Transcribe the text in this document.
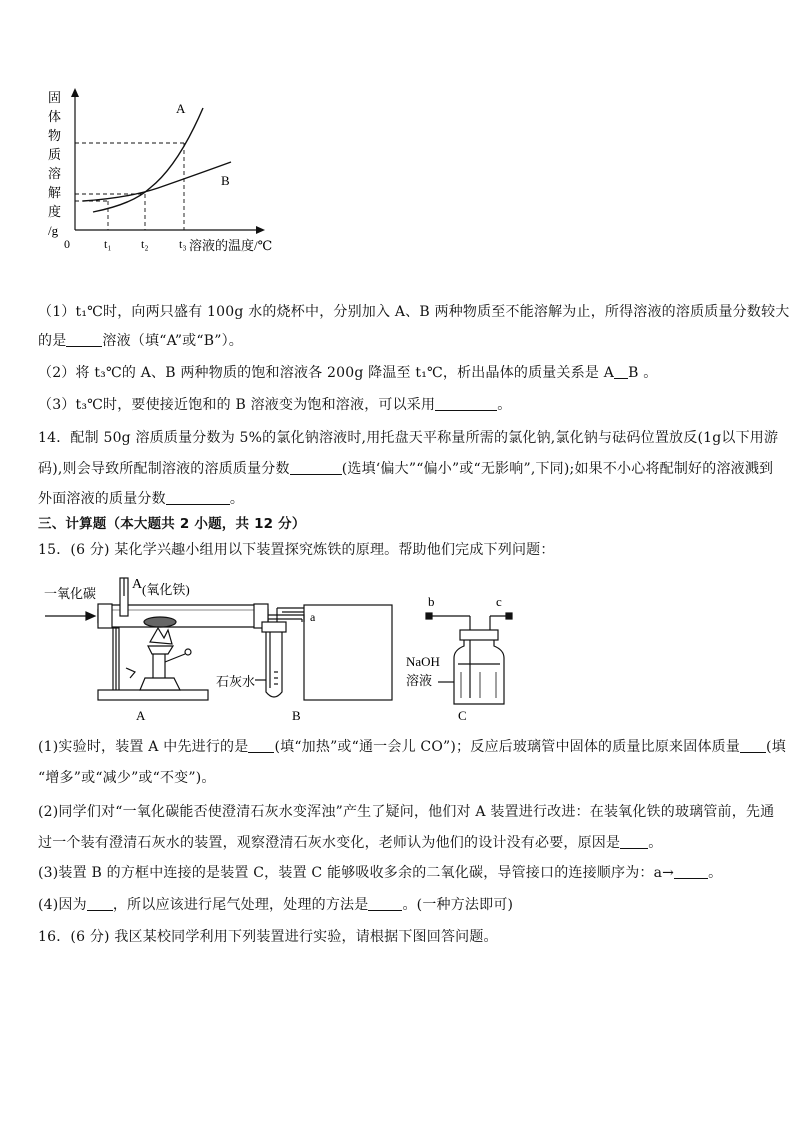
固
体
物
质
溶
解
度
/g
A
B
0	t₁ t₂	t₃ 溶液的温度/℃
（1）t₁℃时，向两只盛有 100g 水的烧杯中，分别加入 A、B 两种物质至不能溶解为止，所得溶液的溶质质量分数较大
的是	溶液（填“A”或“B”）。
（2）将 t₃℃的 A、B 两种物质的饱和溶液各 200g 降温至 t₁℃，析出晶体的质量关系是 A B 。
（3）t₃℃时，要使接近饱和的 B 溶液变为饱和溶液，可以采用	。
14．配制 50g 溶质质量分数为 5%的氯化钠溶液时,用托盘天平称量所需的氯化钠,氯化钠与砝码位置放反(1g以下用游
码),则会导致所配制溶液的溶质质量分数	(选填‘偏大”“偏小”或“无影响”,下同);如果不小心将配制好的溶液溅到
外面溶液的质量分数	。
三、计算题（本大题共 2 小题，共 12 分）
15．(6 分) 某化学兴趣小组用以下装置探究炼铁的原理。帮助他们完成下列问题：
一氧化碳
A (氧化铁)
A
石灰水
B
a
b	c
NaOH
溶液
C
(1)实验时，装置 A 中先进行的是 (填“加热”或“通一会儿 CO”)；反应后玻璃管中固体的质量比原来固体质量 (填
“增多”或“减少”或“不变”)。
(2)同学们对“一氧化碳能否使澄清石灰水变浑浊”产生了疑问，他们对 A 装置进行改进：在装氧化铁的玻璃管前，先通
过一个装有澄清石灰水的装置，观察澄清石灰水变化，老师认为他们的设计没有必要，原因是 。
(3)装置 B 的方框中连接的是装置 C，装置 C 能够吸收多余的二氧化碳，导管接口的连接顺序为：a→ 。
(4)因为 ，所以应该进行尾气处理，处理的方法是 。(一种方法即可)
16．(6 分) 我区某校同学利用下列装置进行实验，请根据下图回答问题。
